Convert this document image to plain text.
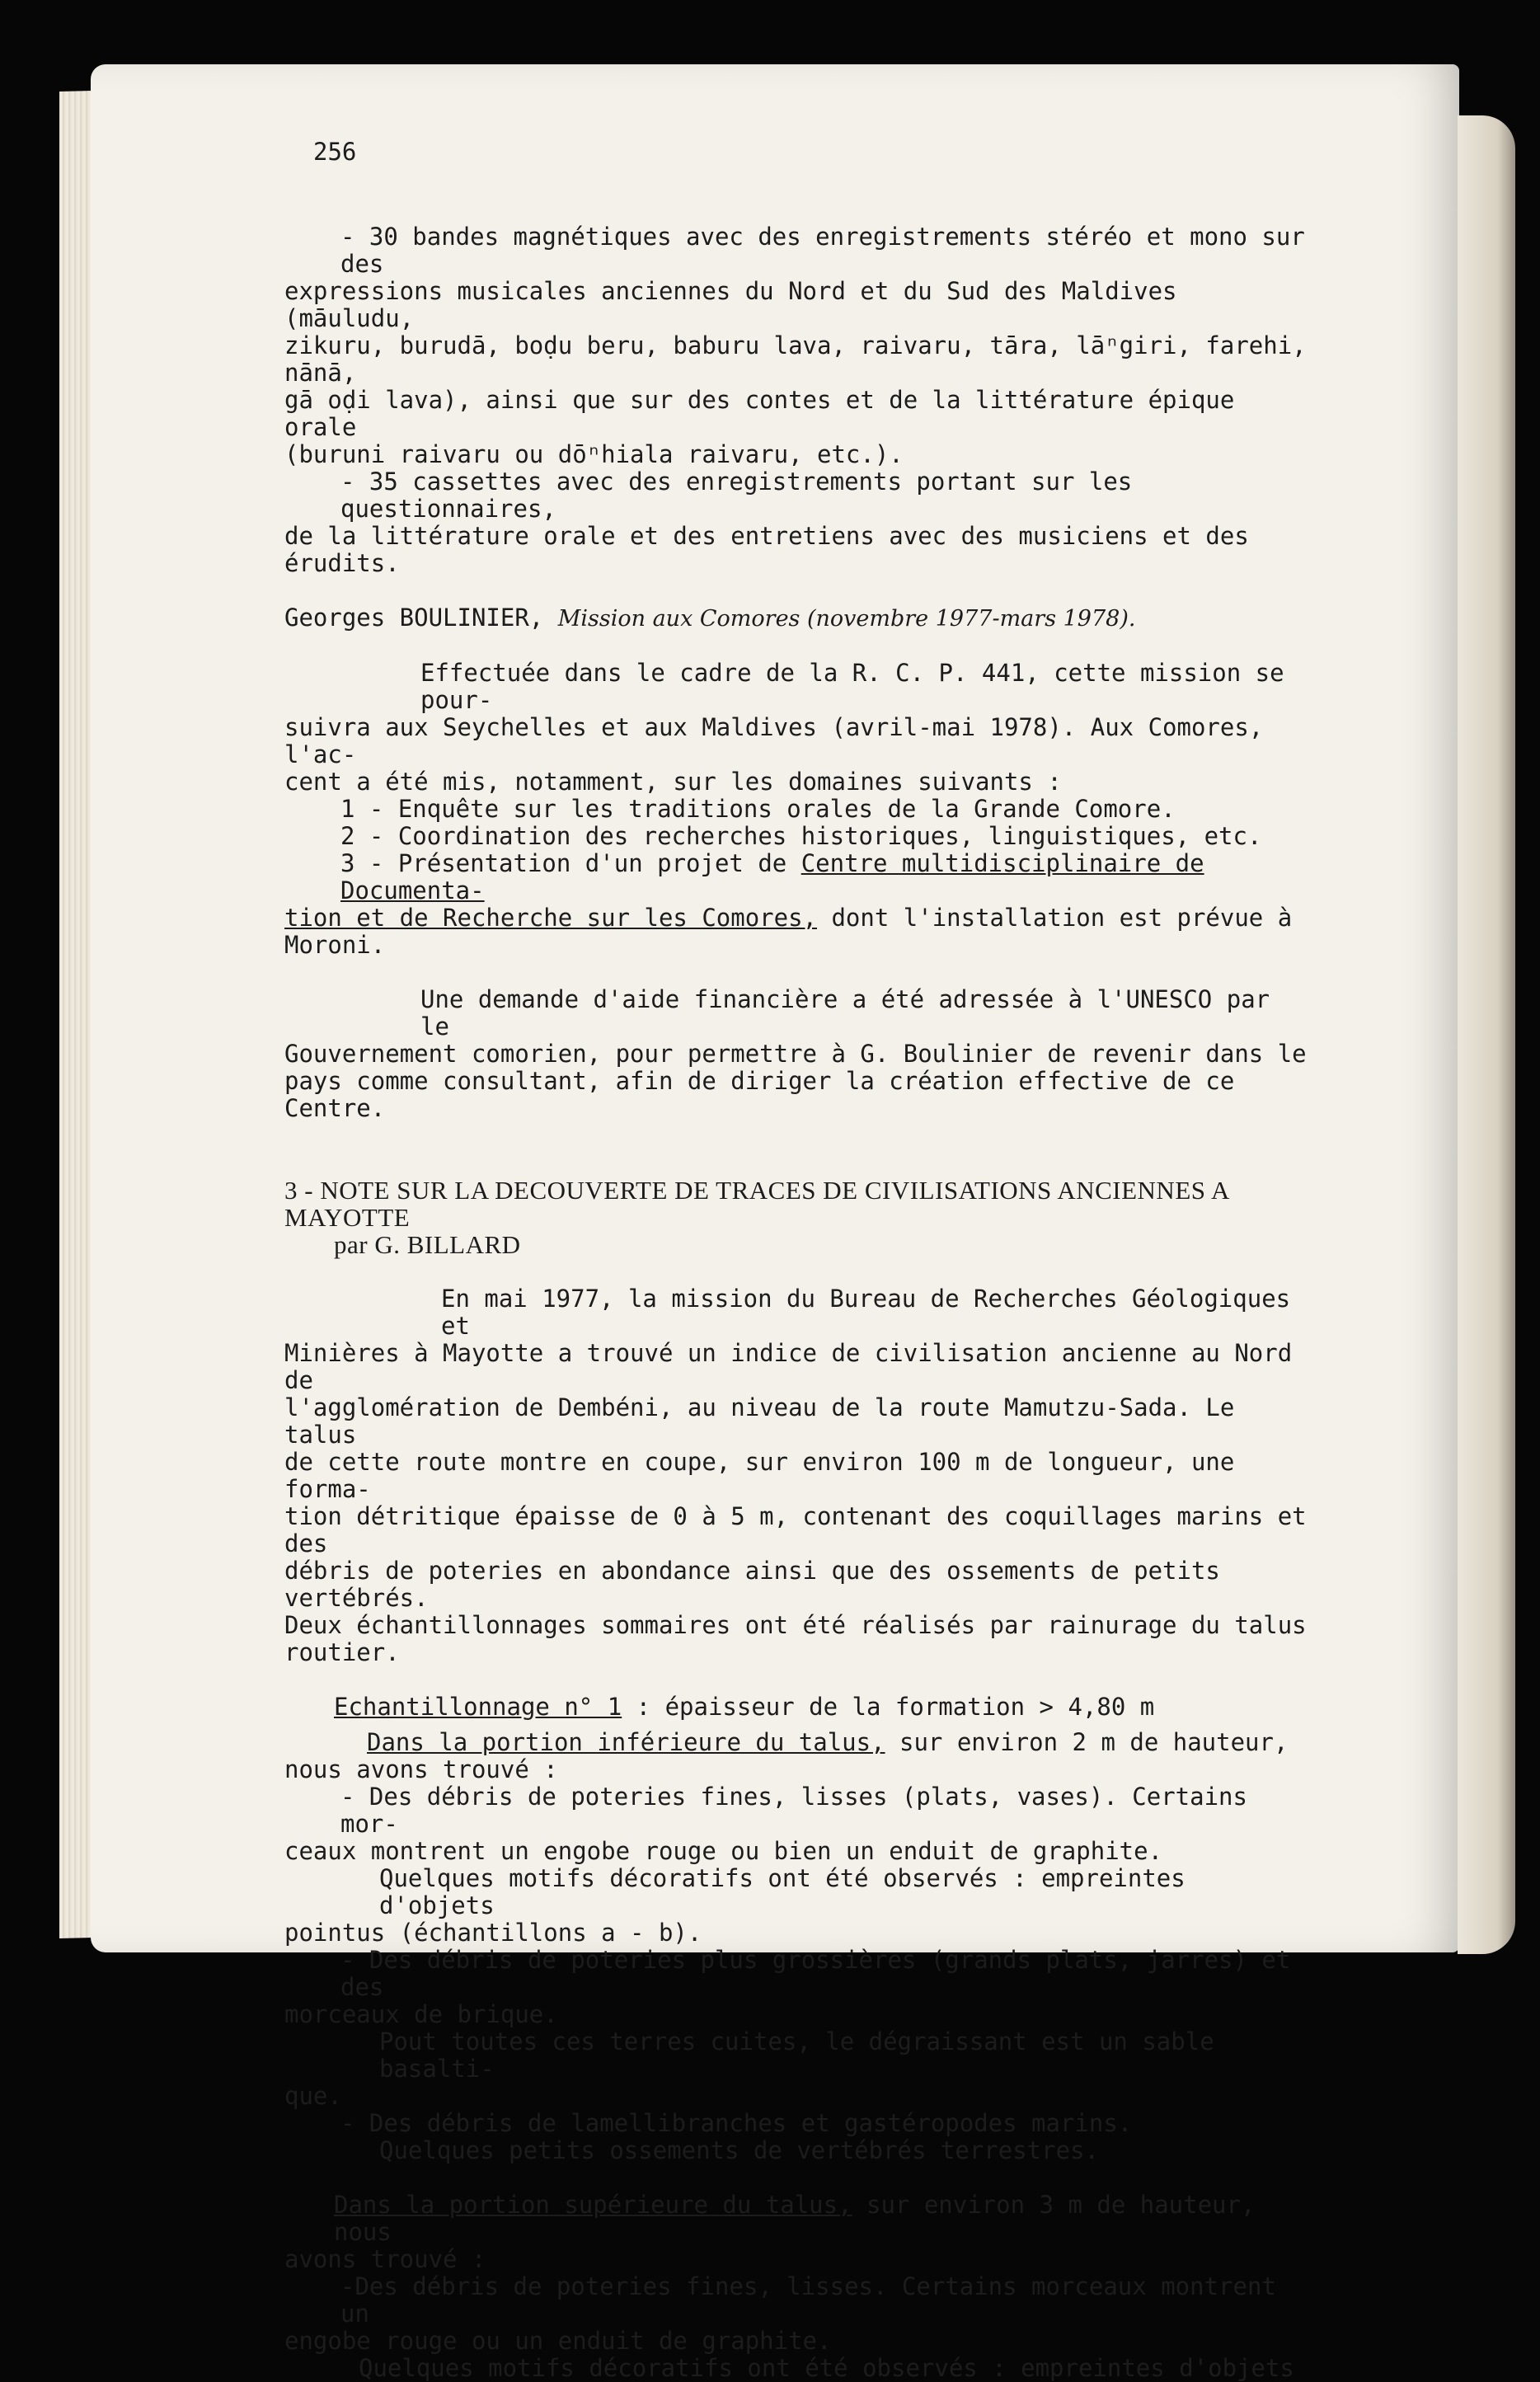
256

- 30 bandes magnétiques avec des enregistrements stéréo et mono sur des

expressions musicales anciennes du Nord et du Sud des Maldives (māuludu,

zikuru, burudā, boḍu beru, baburu lava, raivaru, tāra, lāⁿgiri, farehi, nānā,

gā oḍi lava), ainsi que sur des contes et de la littérature épique orale

(buruni raivaru ou dōⁿhiala raivaru, etc.).

- 35 cassettes avec des enregistrements portant sur les questionnaires,

de la littérature orale et des entretiens avec des musiciens et des érudits.

Georges BOULINIER, Mission aux Comores (novembre 1977-mars 1978).

Effectuée dans le cadre de la R. C. P. 441, cette mission se pour-

suivra aux Seychelles et aux Maldives (avril-mai 1978). Aux Comores, l'ac-

cent a été mis, notamment, sur les domaines suivants :

1 - Enquête sur les traditions orales de la Grande Comore.

2 - Coordination des recherches historiques, linguistiques, etc.

3 - Présentation d'un projet de Centre multidisciplinaire de Documenta-

tion et de Recherche sur les Comores, dont l'installation est prévue à

Moroni.

Une demande d'aide financière a été adressée à l'UNESCO par le

Gouvernement comorien, pour permettre à G. Boulinier de revenir dans le

pays comme consultant, afin de diriger la création effective de ce Centre.

3 - NOTE SUR LA DECOUVERTE DE TRACES DE CIVILISATIONS ANCIENNES A MAYOTTE

par G. BILLARD

En mai 1977, la mission du Bureau de Recherches Géologiques et

Minières à Mayotte a trouvé un indice de civilisation ancienne au Nord de

l'agglomération de Dembéni, au niveau de la route Mamutzu-Sada. Le talus

de cette route montre en coupe, sur environ 100 m de longueur, une forma-

tion détritique épaisse de 0 à 5 m, contenant des coquillages marins et des

débris de poteries en abondance ainsi que des ossements de petits vertébrés.

Deux échantillonnages sommaires ont été réalisés par rainurage du talus

routier.

Echantillonnage n° 1 : épaisseur de la formation > 4,80 m

Dans la portion inférieure du talus, sur environ 2 m de hauteur,

nous avons trouvé :

- Des débris de poteries fines, lisses (plats, vases). Certains mor-

ceaux montrent un engobe rouge ou bien un enduit de graphite.

Quelques motifs décoratifs ont été observés : empreintes d'objets

pointus (échantillons a - b).

- Des débris de poteries plus grossières (grands plats, jarres) et des

morceaux de brique.

Pout toutes ces terres cuites, le dégraissant est un sable basalti-

que.

- Des débris de lamellibranches et gastéropodes marins.

Quelques petits ossements de vertébrés terrestres.

Dans la portion supérieure du talus, sur environ 3 m de hauteur, nous

avons trouvé :

-Des débris de poteries fines, lisses. Certains morceaux montrent un

engobe rouge ou un enduit de graphite.

Quelques motifs décoratifs ont été observés : empreintes d'objets
